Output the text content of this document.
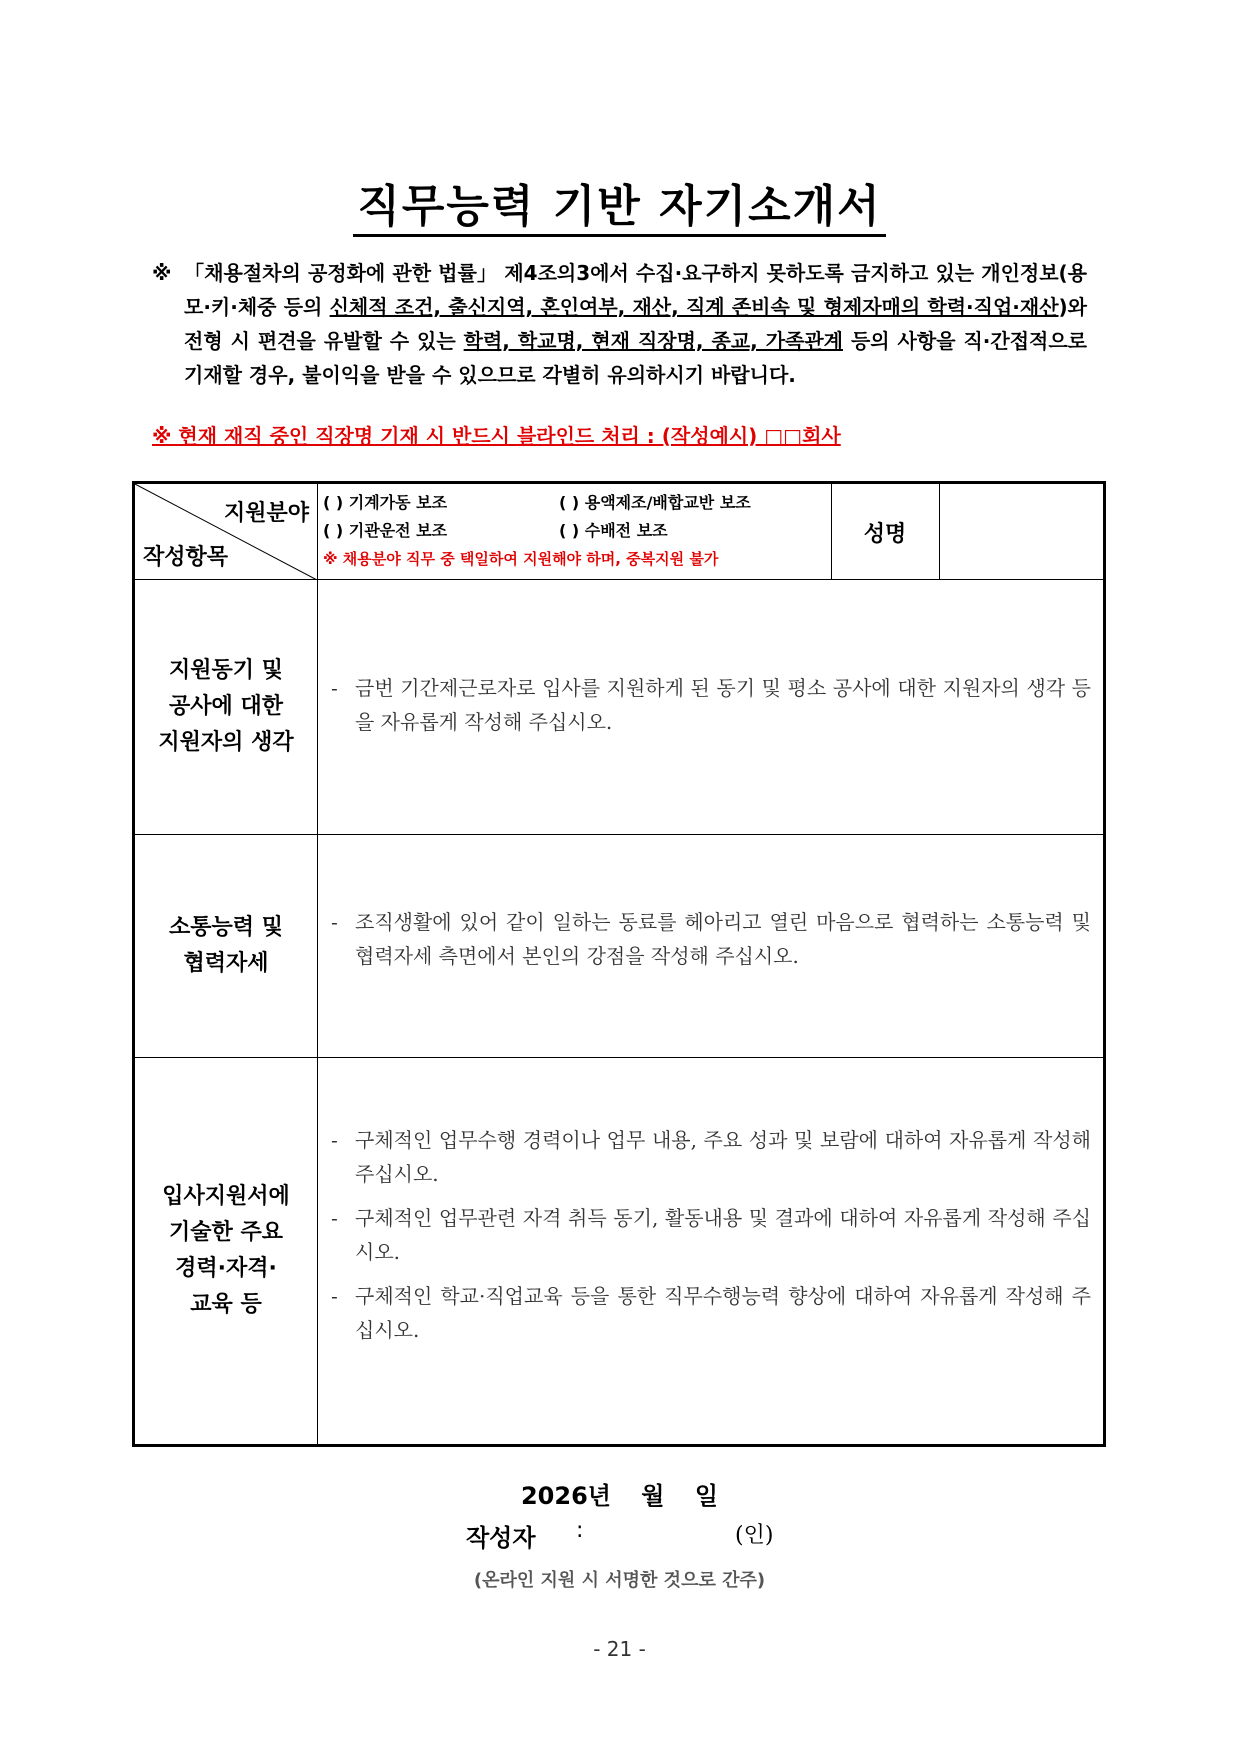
직무능력 기반 자기소개서
※ 「채용절차의 공정화에 관한 법률」 제4조의3에서 수집·요구하지 못하도록 금지하고 있는 개인정보(용모·키·체중 등의 신체적 조건, 출신지역, 혼인여부, 재산, 직계 존비속 및 형제자매의 학력·직업·재산)와 전형 시 편견을 유발할 수 있는 학력, 학교명, 현재 직장명, 종교, 가족관계 등의 사항을 직·간접적으로 기재할 경우, 불이익을 받을 수 있으므로 각별히 유의하시기 바랍니다.
※ 현재 재직 중인 직장명 기재 시 반드시 블라인드 처리 : (작성예시) □□회사
지원분야
작성항목
( ) 기계가동 보조	( ) 용액제조/배합교반 보조
( ) 기관운전 보조	( ) 수배전 보조
※ 채용분야 직무 중 택일하여 지원해야 하며, 중복지원 불가
성명
지원동기 및
공사에 대한
지원자의 생각
- 금번 기간제근로자로 입사를 지원하게 된 동기 및 평소 공사에 대한 지원자의 생각 등을 자유롭게 작성해 주십시오.
소통능력 및
협력자세
- 조직생활에 있어 같이 일하는 동료를 헤아리고 열린 마음으로 협력하는 소통능력 및 협력자세 측면에서 본인의 강점을 작성해 주십시오.
입사지원서에
기술한 주요
경력·자격·
교육 등
- 구체적인 업무수행 경력이나 업무 내용, 주요 성과 및 보람에 대하여 자유롭게 작성해 주십시오.
- 구체적인 업무관련 자격 취득 동기, 활동내용 및 결과에 대하여 자유롭게 작성해 주십시오.
- 구체적인 학교·직업교육 등을 통한 직무수행능력 향상에 대하여 자유롭게 작성해 주십시오.
2026년 월 일
작성자 :	(인)
(온라인 지원 시 서명한 것으로 간주)
- 21 -
